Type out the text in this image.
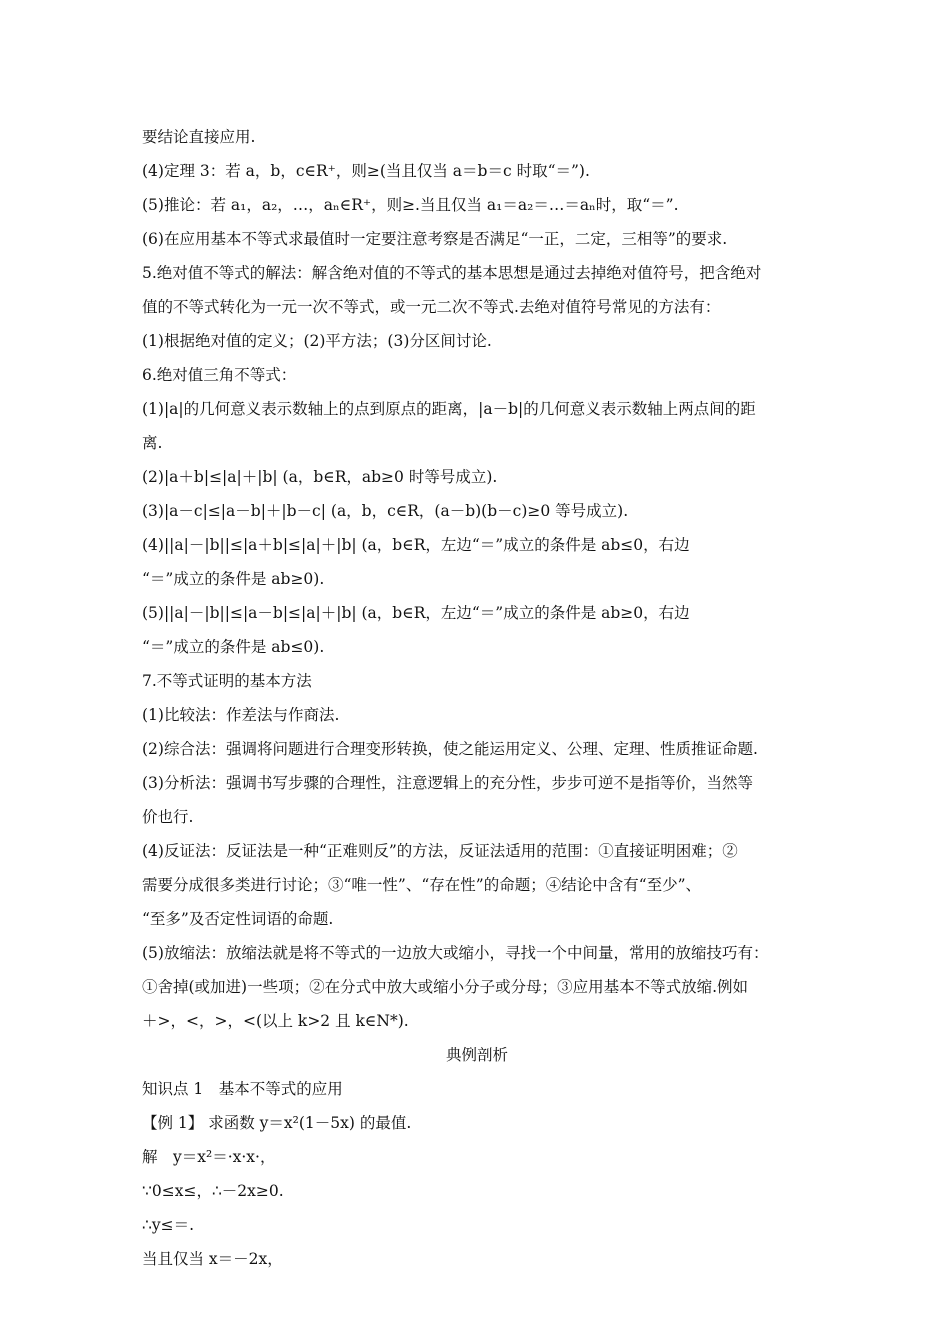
要结论直接应用.
(4)定理 3：若 a，b，c∈R⁺，则≥(当且仅当 a＝b＝c 时取“＝”).
(5)推论：若 a₁，a₂，…，aₙ∈R⁺，则≥.当且仅当 a₁＝a₂＝…＝aₙ时，取“＝”.
(6)在应用基本不等式求最值时一定要注意考察是否满足“一正，二定，三相等”的要求.
5.绝对值不等式的解法：解含绝对值的不等式的基本思想是通过去掉绝对值符号，把含绝对
值的不等式转化为一元一次不等式，或一元二次不等式.去绝对值符号常见的方法有：
(1)根据绝对值的定义；(2)平方法；(3)分区间讨论.
6.绝对值三角不等式：
(1)|a|的几何意义表示数轴上的点到原点的距离，|a－b|的几何意义表示数轴上两点间的距
离.
(2)|a＋b|≤|a|＋|b| (a，b∈R，ab≥0 时等号成立).
(3)|a－c|≤|a－b|＋|b－c| (a，b，c∈R，(a－b)(b－c)≥0 等号成立).
(4)||a|－|b||≤|a＋b|≤|a|＋|b| (a，b∈R，左边“＝”成立的条件是 ab≤0，右边
“＝”成立的条件是 ab≥0).
(5)||a|－|b||≤|a－b|≤|a|＋|b| (a，b∈R，左边“＝”成立的条件是 ab≥0，右边
“＝”成立的条件是 ab≤0).
7.不等式证明的基本方法
(1)比较法：作差法与作商法.
(2)综合法：强调将问题进行合理变形转换，使之能运用定义、公理、定理、性质推证命题.
(3)分析法：强调书写步骤的合理性，注意逻辑上的充分性，步步可逆不是指等价，当然等
价也行.
(4)反证法：反证法是一种“正难则反”的方法，反证法适用的范围：①直接证明困难；②
需要分成很多类进行讨论；③“唯一性”、“存在性”的命题；④结论中含有“至少”、
“至多”及否定性词语的命题.
(5)放缩法：放缩法就是将不等式的一边放大或缩小，寻找一个中间量，常用的放缩技巧有：
①舍掉(或加进)一些项；②在分式中放大或缩小分子或分母；③应用基本不等式放缩.例如
＋>，<，>，<(以上 k>2 且 k∈N*).
典例剖析
知识点 1　基本不等式的应用
【例 1】 求函数 y＝x²(1－5x) 的最值.
解　y＝x²＝·x·x·，
∵0≤x≤，∴－2x≥0.
∴y≤＝.
当且仅当 x＝－2x，
